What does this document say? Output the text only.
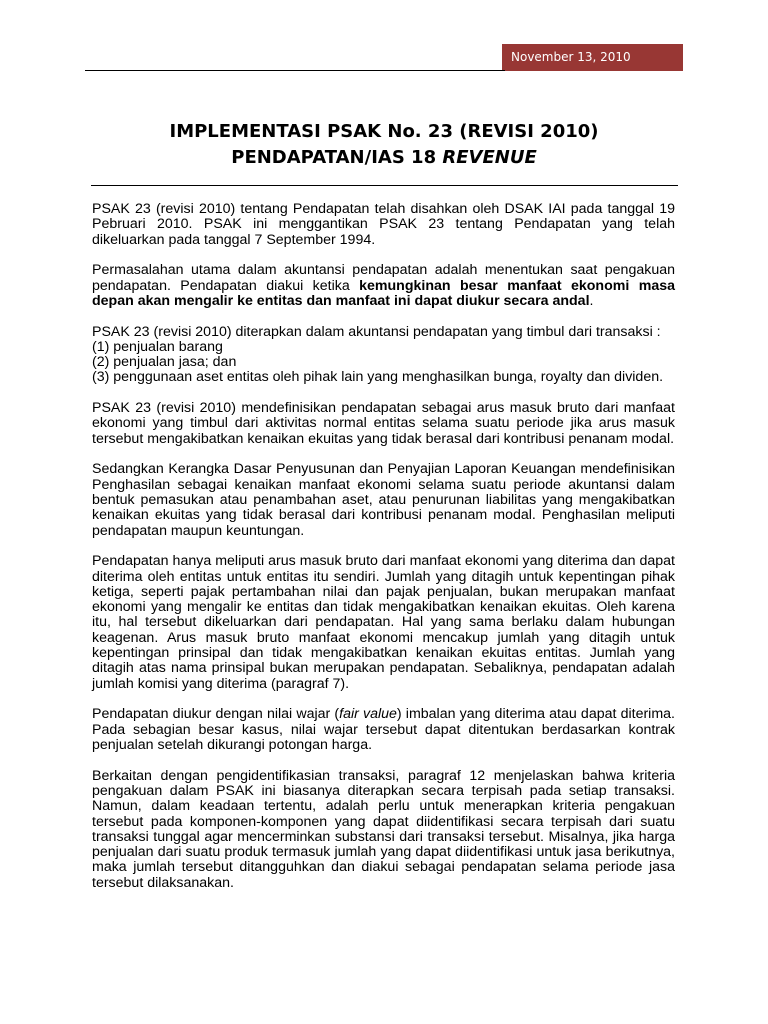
November 13, 2010
IMPLEMENTASI PSAK No. 23 (REVISI 2010)
PENDAPATAN/IAS 18 REVENUE

PSAK 23 (revisi 2010) tentang Pendapatan telah disahkan oleh DSAK IAI pada tanggal 19 Pebruari 2010. PSAK ini menggantikan PSAK 23 tentang Pendapatan yang telah dikeluarkan pada tanggal 7 September 1994.

Permasalahan utama dalam akuntansi pendapatan adalah menentukan saat pengakuan pendapatan. Pendapatan diakui ketika kemungkinan besar manfaat ekonomi masa depan akan mengalir ke entitas dan manfaat ini dapat diukur secara andal.

PSAK 23 (revisi 2010) diterapkan dalam akuntansi pendapatan yang timbul dari transaksi :
(1) penjualan barang
(2) penjualan jasa; dan
(3) penggunaan aset entitas oleh pihak lain yang menghasilkan bunga, royalty dan dividen.

PSAK 23 (revisi 2010) mendefinisikan pendapatan sebagai arus masuk bruto dari manfaat ekonomi yang timbul dari aktivitas normal entitas selama suatu periode jika arus masuk tersebut mengakibatkan kenaikan ekuitas yang tidak berasal dari kontribusi penanam modal.

Sedangkan Kerangka Dasar Penyusunan dan Penyajian Laporan Keuangan mendefinisikan Penghasilan sebagai kenaikan manfaat ekonomi selama suatu periode akuntansi dalam bentuk pemasukan atau penambahan aset, atau penurunan liabilitas yang mengakibatkan kenaikan ekuitas yang tidak berasal dari kontribusi penanam modal. Penghasilan meliputi pendapatan maupun keuntungan.

Pendapatan hanya meliputi arus masuk bruto dari manfaat ekonomi yang diterima dan dapat diterima oleh entitas untuk entitas itu sendiri. Jumlah yang ditagih untuk kepentingan pihak ketiga, seperti pajak pertambahan nilai dan pajak penjualan, bukan merupakan manfaat ekonomi yang mengalir ke entitas dan tidak mengakibatkan kenaikan ekuitas. Oleh karena itu, hal tersebut dikeluarkan dari pendapatan. Hal yang sama berlaku dalam hubungan keagenan. Arus masuk bruto manfaat ekonomi mencakup jumlah yang ditagih untuk kepentingan prinsipal dan tidak mengakibatkan kenaikan ekuitas entitas. Jumlah yang ditagih atas nama prinsipal bukan merupakan pendapatan. Sebaliknya, pendapatan adalah jumlah komisi yang diterima (paragraf 7).

Pendapatan diukur dengan nilai wajar (fair value) imbalan yang diterima atau dapat diterima. Pada sebagian besar kasus, nilai wajar tersebut dapat ditentukan berdasarkan kontrak penjualan setelah dikurangi potongan harga.

Berkaitan dengan pengidentifikasian transaksi, paragraf 12 menjelaskan bahwa kriteria pengakuan dalam PSAK ini biasanya diterapkan secara terpisah pada setiap transaksi. Namun, dalam keadaan tertentu, adalah perlu untuk menerapkan kriteria pengakuan tersebut pada komponen-komponen yang dapat diidentifikasi secara terpisah dari suatu transaksi tunggal agar mencerminkan substansi dari transaksi tersebut. Misalnya, jika harga penjualan dari suatu produk termasuk jumlah yang dapat diidentifikasi untuk jasa berikutnya, maka jumlah tersebut ditangguhkan dan diakui sebagai pendapatan selama periode jasa tersebut dilaksanakan.
